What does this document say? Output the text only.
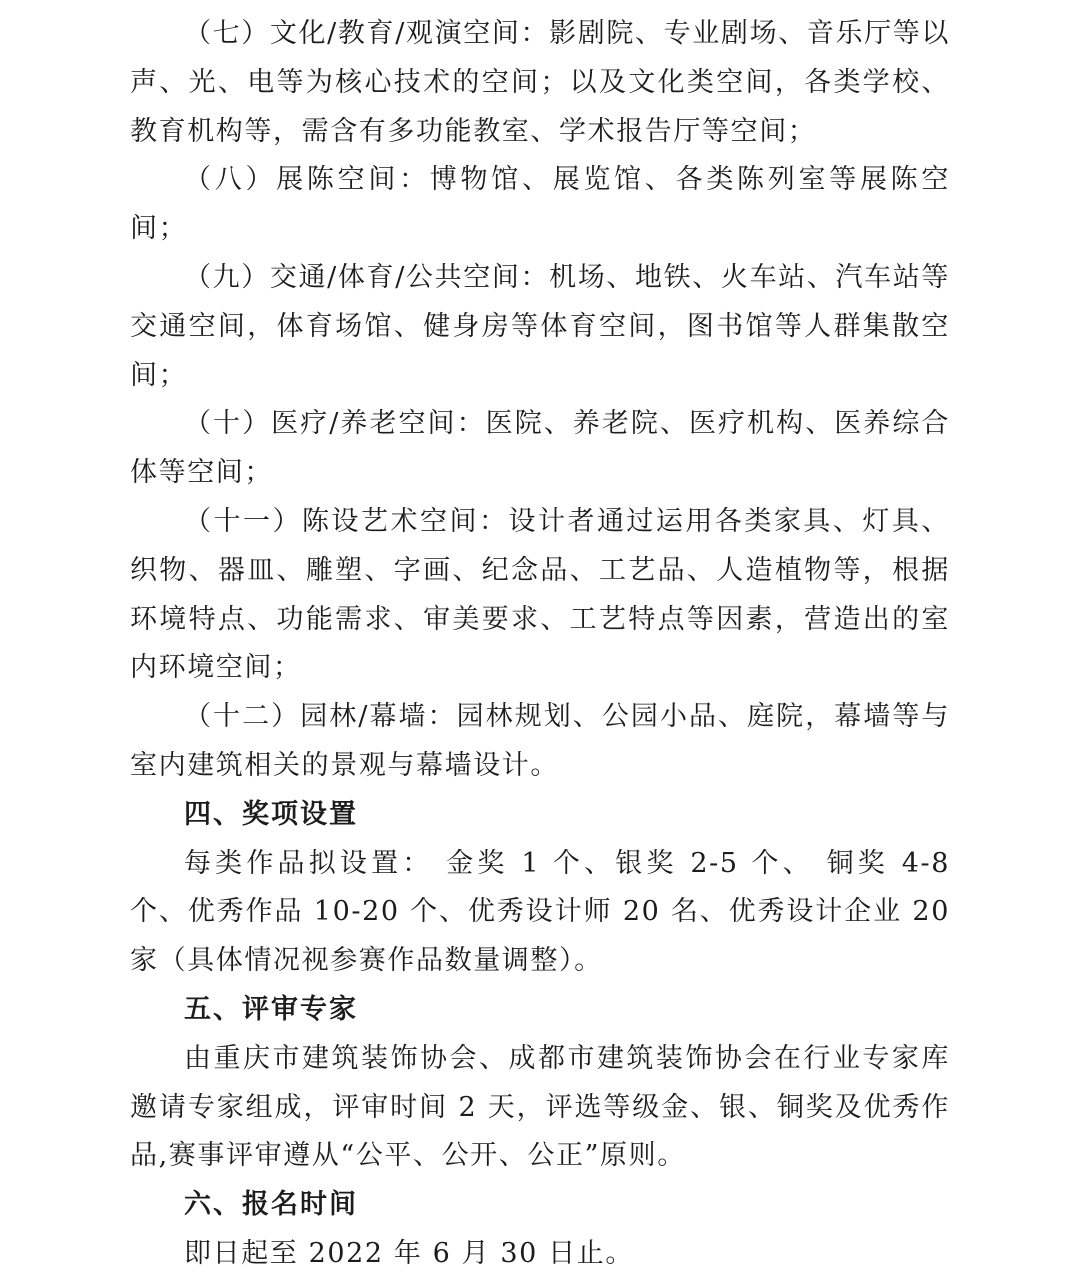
（七）文化/教育/观演空间：影剧院、专业剧场、音乐厅等以声、光、电等为核心技术的空间；以及文化类空间，各类学校、教育机构等，需含有多功能教室、学术报告厅等空间；

（八）展陈空间：博物馆、展览馆、各类陈列室等展陈空间；

（九）交通/体育/公共空间：机场、地铁、火车站、汽车站等交通空间，体育场馆、健身房等体育空间，图书馆等人群集散空间；

（十）医疗/养老空间：医院、养老院、医疗机构、医养综合体等空间；

（十一）陈设艺术空间：设计者通过运用各类家具、灯具、织物、器皿、雕塑、字画、纪念品、工艺品、人造植物等，根据环境特点、功能需求、审美要求、工艺特点等因素，营造出的室内环境空间；

（十二）园林/幕墙：园林规划、公园小品、庭院，幕墙等与室内建筑相关的景观与幕墙设计。

四、奖项设置

每类作品拟设置： 金奖 1 个、银奖 2-5 个、 铜奖 4-8 个、优秀作品 10-20 个、优秀设计师 20 名、优秀设计企业 20 家（具体情况视参赛作品数量调整）。

五、评审专家

由重庆市建筑装饰协会、成都市建筑装饰协会在行业专家库邀请专家组成，评审时间 2 天，评选等级金、银、铜奖及优秀作品,赛事评审遵从“公平、公开、公正”原则。

六、报名时间

即日起至 2022 年 6 月 30 日止。
